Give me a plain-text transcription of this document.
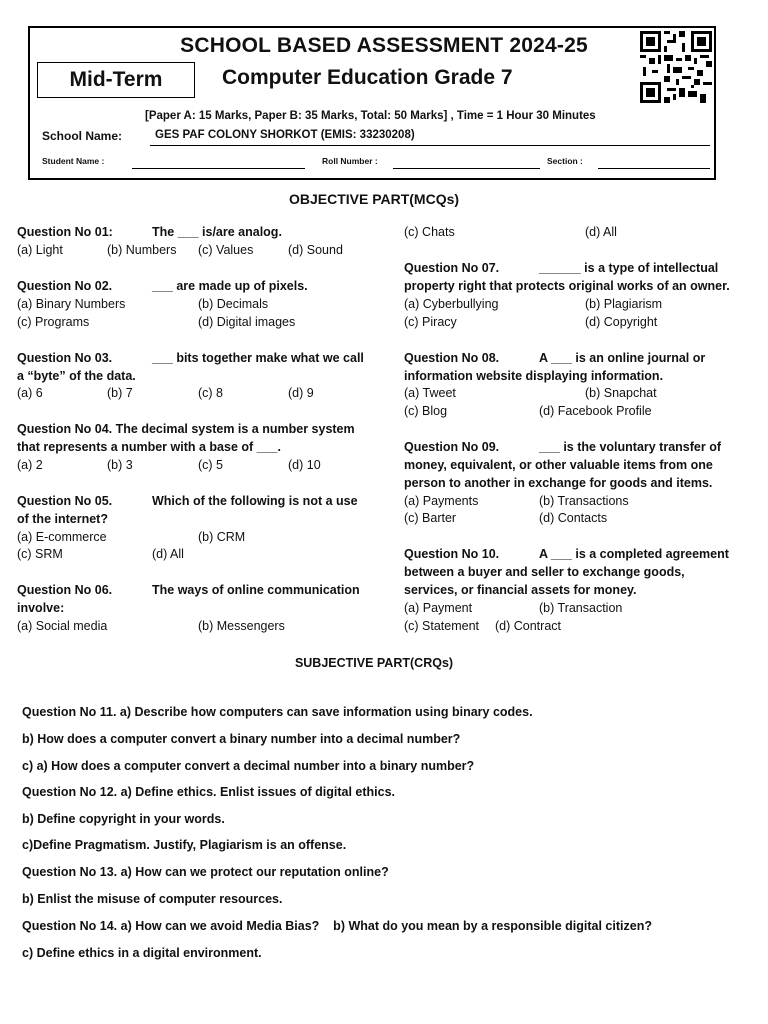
SCHOOL BASED ASSESSMENT 2024-25
Mid-Term	Computer Education Grade 7
[Paper A: 15 Marks, Paper B: 35 Marks, Total: 50 Marks] , Time = 1 Hour 30 Minutes
School Name:	GES PAF COLONY SHORKOT (EMIS: 33230208)
Student Name :	Roll Number :	Section :
OBJECTIVE PART(MCQs)
Question No 01:	The ___ is/are analog.
(a) Light	(b) Numbers (c) Values	(d) Sound
Question No 02.	___ are made up of pixels.
(a) Binary Numbers	(b) Decimals
(c) Programs	(d) Digital images
Question No 03.	___ bits together make what we call
a “byte” of the data.
(a) 6	(b) 7	(c) 8	(d) 9
Question No 04. The decimal system is a number system
that represents a number with a base of ___.
(a) 2	(b) 3	(c) 5	(d) 10
Question No 05.	Which of the following is not a use
of the internet?
(a) E-commerce	(b) CRM
(c) SRM	(d) All
Question No 06.	The ways of online communication
involve:
(a) Social media	(b) Messengers
(c) Chats	(d) All
Question No 07.	______ is a type of intellectual
property right that protects original works of an owner.
(a) Cyberbullying	(b) Plagiarism
(c) Piracy	(d) Copyright
Question No 08.	A ___ is an online journal or
information website displaying information.
(a) Tweet	(b) Snapchat
(c) Blog	(d) Facebook Profile
Question No 09.	___ is the voluntary transfer of
money, equivalent, or other valuable items from one
person to another in exchange for goods and items.
(a) Payments	(b) Transactions
(c) Barter	(d) Contacts
Question No 10.	A ___ is a completed agreement
between a buyer and seller to exchange goods,
services, or financial assets for money.
(a) Payment	(b) Transaction
(c) Statement (d) Contract
SUBJECTIVE PART(CRQs)
Question No 11. a) Describe how computers can save information using binary codes.
b) How does a computer convert a binary number into a decimal number?
c) a) How does a computer convert a decimal number into a binary number?
Question No 12. a) Define ethics. Enlist issues of digital ethics.
b) Define copyright in your words.
c)Define Pragmatism. Justify, Plagiarism is an offense.
Question No 13. a) How can we protect our reputation online?
b) Enlist the misuse of computer resources.
Question No 14. a) How can we avoid Media Bias?    b) What do you mean by a responsible digital citizen?
c) Define ethics in a digital environment.
